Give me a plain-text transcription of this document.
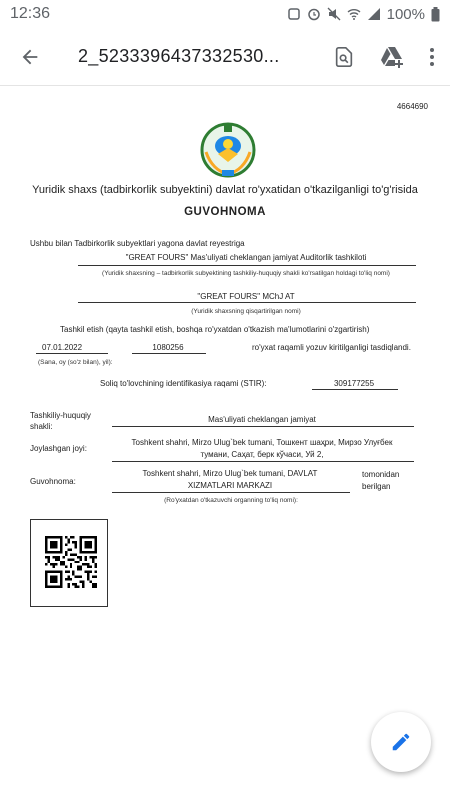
12:36	100%
2_5233396437332530...
4664690
Yuridik shaxs (tadbirkorlik subyektini) davlat ro'yxatidan o'tkazilganligi to'g'risida
GUVOHNOMA
Ushbu bilan Tadbirkorlik subyektlari yagona davlat reyestriga
"GREAT FOURS" Mas'uliyati cheklangan jamiyat Auditorlik tashkiloti
(Yuridik shaxsning – tadbirkorlik subyektining tashkiliy-huquqiy shakli ko'rsatilgan holdagi to'liq nomi)
"GREAT FOURS" MChJ AT
(Yuridik shaxsning qisqartirilgan nomi)
Tashkil etish (qayta tashkil etish, boshqa ro'yxatdan o'tkazish ma'lumotlarini o'zgartirish)
07.01.2022	1080256	ro'yxat raqamli yozuv kiritilganligi tasdiqlandi.
(Sana, oy (so'z bilan), yil):
Soliq to'lovchining identifikasiya raqami (STIR):	309177255
Tashkiliy-huquqiy
shakli:
Mas'uliyati cheklangan jamiyat
Joylashgan joyi:
Toshkent shahri, Mirzo Ulug`bek tumani, Тошкент шаҳри, Мирзо Улуғбек
тумани, Саҳат, берк кўчаси, Уй 2,
Guvohnoma:
Toshkent shahri, Mirzo Ulug`bek tumani, DAVLAT
XIZMATLARI MARKAZI
tomonidan
berilgan
(Ro'yxatdan o'tkazuvchi organning to'liq nomi):
